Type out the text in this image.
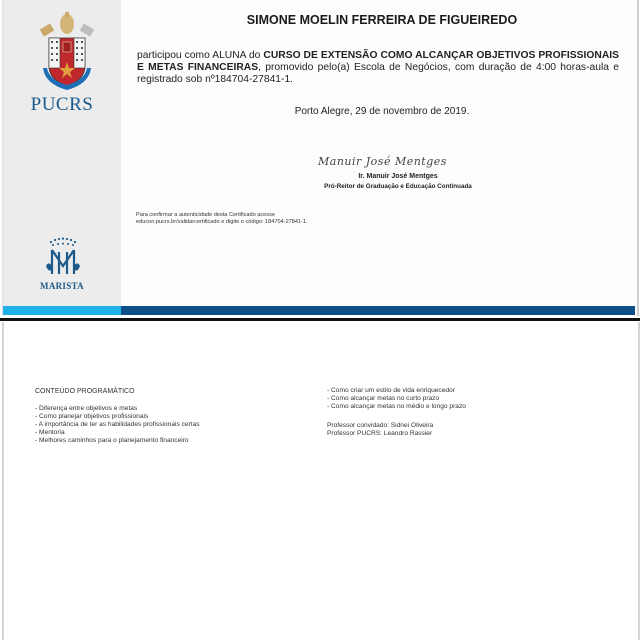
PUCRS
MARISTA
SIMONE MOELIN FERREIRA DE FIGUEIREDO
participou como ALUNA do CURSO DE EXTENSÃO COMO ALCANÇAR OBJETIVOS PROFISSIONAIS E METAS FINANCEIRAS, promovido pelo(a) Escola de Negócios, com duração de 4:00 horas-aula e registrado sob nº184704-27841-1.
Porto Alegre, 29 de novembro de 2019.
Manuir José Mentges
Ir. Manuir José Mentges
Pró-Reitor de Graduação e Educação Continuada
Para confirmar a autenticidade desta Certificado acesse educon.pucrs.br/validarcertificado e digite o código: 184704-27841-1.
CONTEÚDO PROGRAMÁTICO
- Diferença entre objetivos e metas
- Como planejar objetivos profissionais
- A importância de ter as habilidades profissionais certas
- Mentoria
- Melhores caminhos para o planejamento financeiro
- Como criar um estilo de vida enriquecedor
- Como alcançar metas no curto prazo
- Como alcançar metas no médio e longo prazo
Professor convidado: Sidnei Oliveira
Professor PUCRS: Leandro Rassier
